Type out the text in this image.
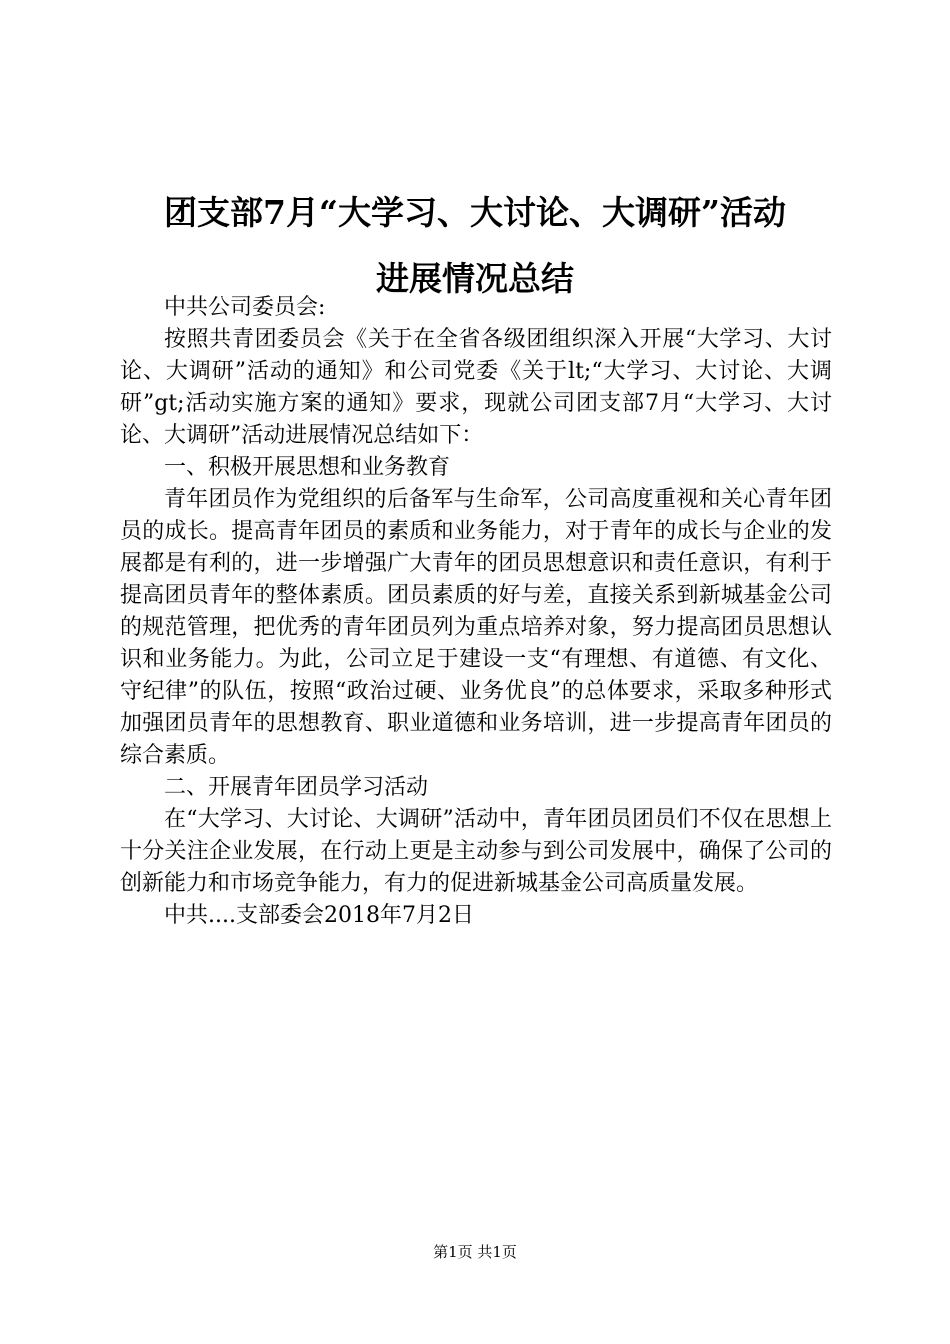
团支部7月“大学习、大讨论、大调研”活动
进展情况总结

中共公司委员会:

按照共青团委员会《关于在全省各级团组织深入开展“大学习、大讨论、大调研”活动的通知》和公司党委《关于lt;“大学习、大讨论、大调研”gt;活动实施方案的通知》要求，现就公司团支部7月“大学习、大讨论、大调研”活动进展情况总结如下：

一、积极开展思想和业务教育

青年团员作为党组织的后备军与生命军，公司高度重视和关心青年团员的成长。提高青年团员的素质和业务能力，对于青年的成长与企业的发展都是有利的，进一步增强广大青年的团员思想意识和责任意识，有利于提高团员青年的整体素质。团员素质的好与差，直接关系到新城基金公司的规范管理，把优秀的青年团员列为重点培养对象，努力提高团员思想认识和业务能力。为此，公司立足于建设一支“有理想、有道德、有文化、守纪律”的队伍，按照“政治过硬、业务优良”的总体要求，采取多种形式加强团员青年的思想教育、职业道德和业务培训，进一步提高青年团员的综合素质。

二、开展青年团员学习活动

在“大学习、大讨论、大调研”活动中，青年团员团员们不仅在思想上十分关注企业发展，在行动上更是主动参与到公司发展中，确保了公司的创新能力和市场竞争能力，有力的促进新城基金公司高质量发展。

中共....支部委会2018年7月2日

第1页 共1页
